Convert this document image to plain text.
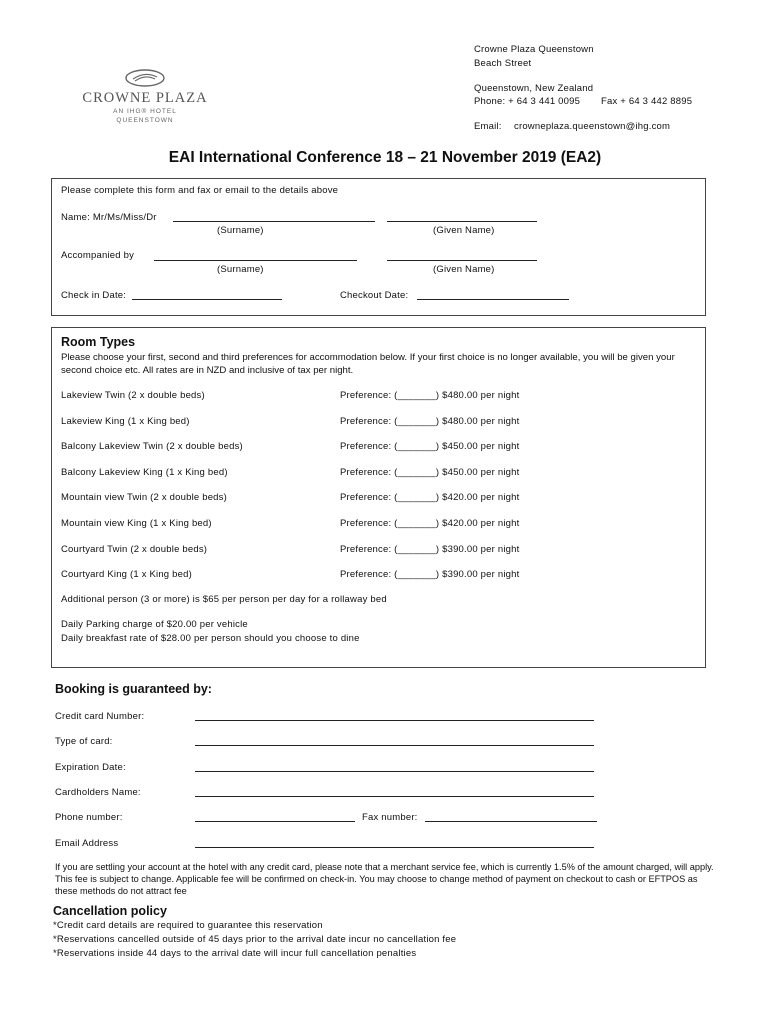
CROWNE PLAZA
AN IHG® HOTEL
QUEENSTOWN
Crowne Plaza Queenstown
Beach Street
Queenstown, New Zealand
Phone: + 64 3 441 0095 Fax + 64 3 442 8895
Email: crowneplaza.queenstown@ihg.com
EAI International Conference 18 – 21 November 2019 (EA2)
Please complete this form and fax or email to the details above
Name: Mr/Ms/Miss/Dr
(Surname)	(Given Name)
Accompanied by
(Surname)	(Given Name)
Check in Date:	Checkout Date:
Room Types
Please choose your first, second and third preferences for accommodation below. If your first choice is no longer available, you will be given your second choice etc. All rates are in NZD and inclusive of tax per night.
Lakeview Twin (2 x double beds)	Preference: (_______) $480.00 per night
Lakeview King (1 x King bed)	Preference: (_______) $480.00 per night
Balcony Lakeview Twin (2 x double beds)	Preference: (_______) $450.00 per night
Balcony Lakeview King (1 x King bed)	Preference: (_______) $450.00 per night
Mountain view Twin (2 x double beds)	Preference: (_______) $420.00 per night
Mountain view King (1 x King bed)	Preference: (_______) $420.00 per night
Courtyard Twin (2 x double beds)	Preference: (_______) $390.00 per night
Courtyard King (1 x King bed)	Preference: (_______) $390.00 per night
Additional person (3 or more) is $65 per person per day for a rollaway bed
Daily Parking charge of $20.00 per vehicle
Daily breakfast rate of $28.00 per person should you choose to dine
Booking is guaranteed by:
Credit card Number:
Type of card:
Expiration Date:
Cardholders Name:
Phone number:	Fax number:
Email Address
If you are settling your account at the hotel with any credit card, please note that a merchant service fee, which is currently 1.5% of the amount charged, will apply. This fee is subject to change. Applicable fee will be confirmed on check-in. You may choose to change method of payment on checkout to cash or EFTPOS as these methods do not attract fee
Cancellation policy
*Credit card details are required to guarantee this reservation
*Reservations cancelled outside of 45 days prior to the arrival date incur no cancellation fee
*Reservations inside 44 days to the arrival date will incur full cancellation penalties
